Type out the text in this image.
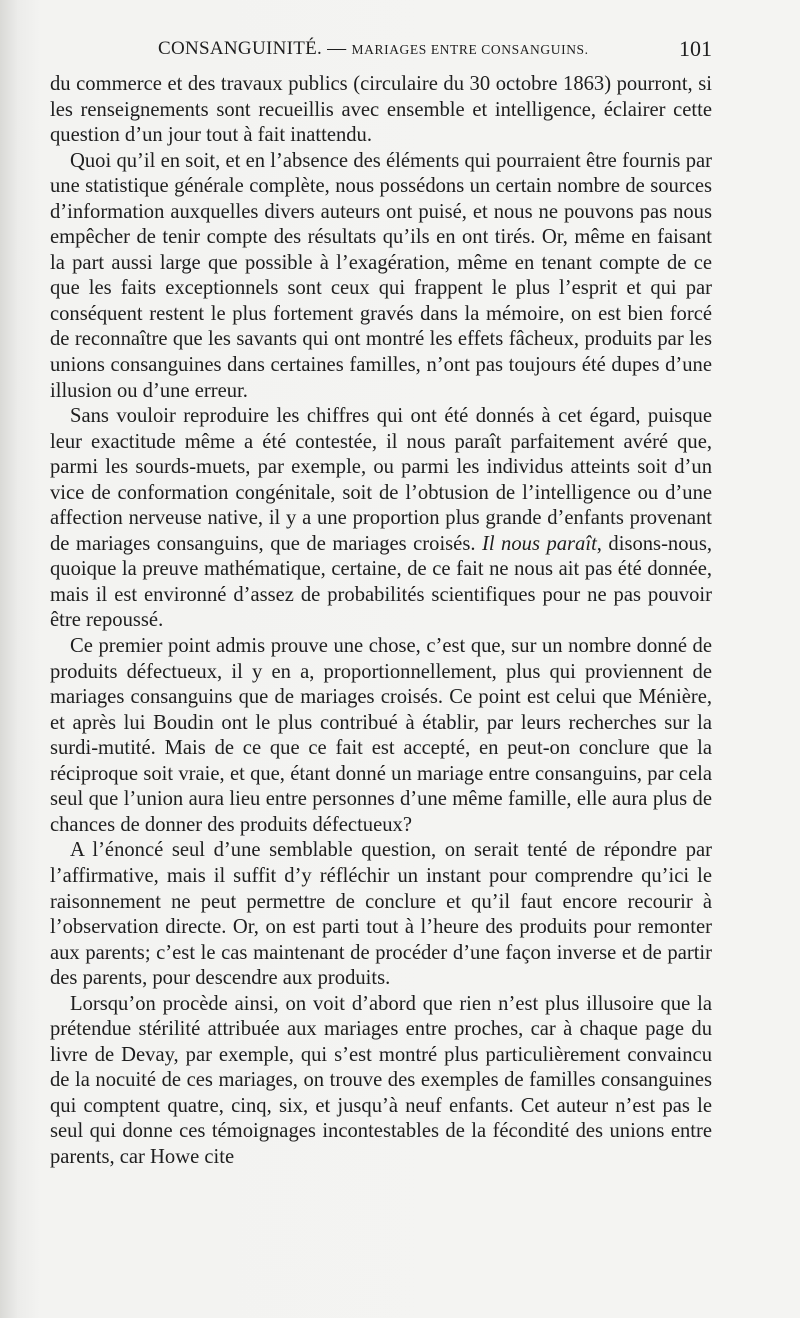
CONSANGUINITÉ. — MARIAGES ENTRE CONSANGUINS.	101

du commerce et des travaux publics (circulaire du 30 octobre 1863) pourront, si les renseignements sont recueillis avec ensemble et intelligence, éclairer cette question d’un jour tout à fait inattendu.

Quoi qu’il en soit, et en l’absence des éléments qui pourraient être fournis par une statistique générale complète, nous possédons un certain nombre de sources d’information auxquelles divers auteurs ont puisé, et nous ne pouvons pas nous empêcher de tenir compte des résultats qu’ils en ont tirés. Or, même en faisant la part aussi large que possible à l’exagération, même en tenant compte de ce que les faits exceptionnels sont ceux qui frappent le plus l’esprit et qui par conséquent restent le plus fortement gravés dans la mémoire, on est bien forcé de reconnaître que les savants qui ont montré les effets fâcheux, produits par les unions consanguines dans certaines familles, n’ont pas toujours été dupes d’une illusion ou d’une erreur.

Sans vouloir reproduire les chiffres qui ont été donnés à cet égard, puisque leur exactitude même a été contestée, il nous paraît parfaitement avéré que, parmi les sourds-muets, par exemple, ou parmi les individus atteints soit d’un vice de conformation congénitale, soit de l’obtusion de l’intelligence ou d’une affection nerveuse native, il y a une proportion plus grande d’enfants provenant de mariages consanguins, que de mariages croisés. Il nous paraît, disons-nous, quoique la preuve mathématique, certaine, de ce fait ne nous ait pas été donnée, mais il est environné d’assez de probabilités scientifiques pour ne pas pouvoir être repoussé.

Ce premier point admis prouve une chose, c’est que, sur un nombre donné de produits défectueux, il y en a, proportionnellement, plus qui proviennent de mariages consanguins que de mariages croisés. Ce point est celui que Ménière, et après lui Boudin ont le plus contribué à établir, par leurs recherches sur la surdi-mutité. Mais de ce que ce fait est accepté, en peut-on conclure que la réciproque soit vraie, et que, étant donné un mariage entre consanguins, par cela seul que l’union aura lieu entre personnes d’une même famille, elle aura plus de chances de donner des produits défectueux?

A l’énoncé seul d’une semblable question, on serait tenté de répondre par l’affirmative, mais il suffit d’y réfléchir un instant pour comprendre qu’ici le raisonnement ne peut permettre de conclure et qu’il faut encore recourir à l’observation directe. Or, on est parti tout à l’heure des produits pour remonter aux parents; c’est le cas maintenant de procéder d’une façon inverse et de partir des parents, pour descendre aux produits.

Lorsqu’on procède ainsi, on voit d’abord que rien n’est plus illusoire que la prétendue stérilité attribuée aux mariages entre proches, car à chaque page du livre de Devay, par exemple, qui s’est montré plus particulièrement convaincu de la nocuité de ces mariages, on trouve des exemples de familles consanguines qui comptent quatre, cinq, six, et jusqu’à neuf enfants. Cet auteur n’est pas le seul qui donne ces témoignages incontestables de la fécondité des unions entre parents, car Howe cite
